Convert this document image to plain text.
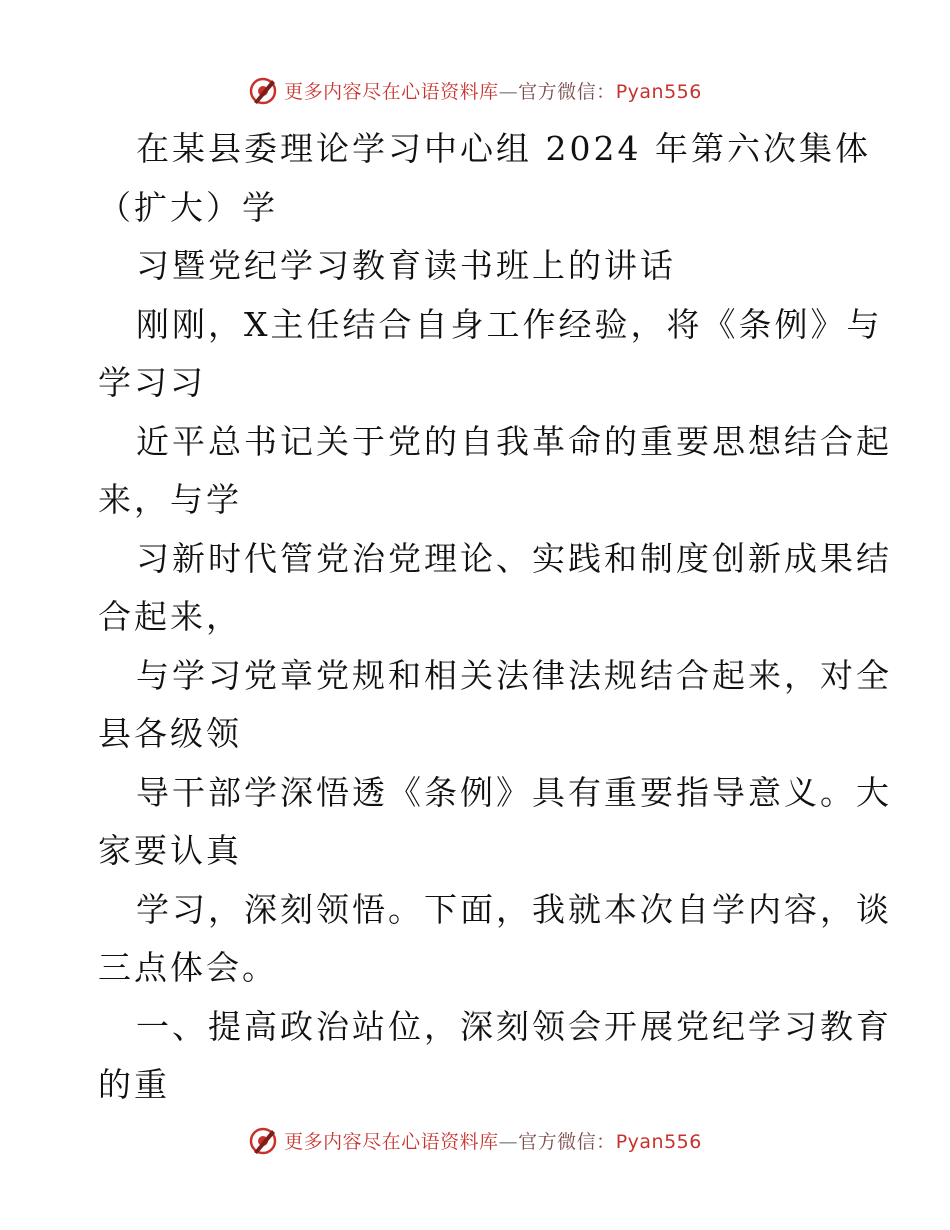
更多内容尽在心语资料库—官方微信：Pyan556
在某县委理论学习中心组 2024 年第六次集体
（扩大）学
习暨党纪学习教育读书班上的讲话
刚刚，X主任结合自身工作经验，将《条例》与
学习习
近平总书记关于党的自我革命的重要思想结合起
来，与学
习新时代管党治党理论、实践和制度创新成果结
合起来，
与学习党章党规和相关法律法规结合起来，对全
县各级领
导干部学深悟透《条例》具有重要指导意义。大
家要认真
学习，深刻领悟。下面，我就本次自学内容，谈
三点体会。
一、提高政治站位，深刻领会开展党纪学习教育
的重
更多内容尽在心语资料库—官方微信：Pyan556
